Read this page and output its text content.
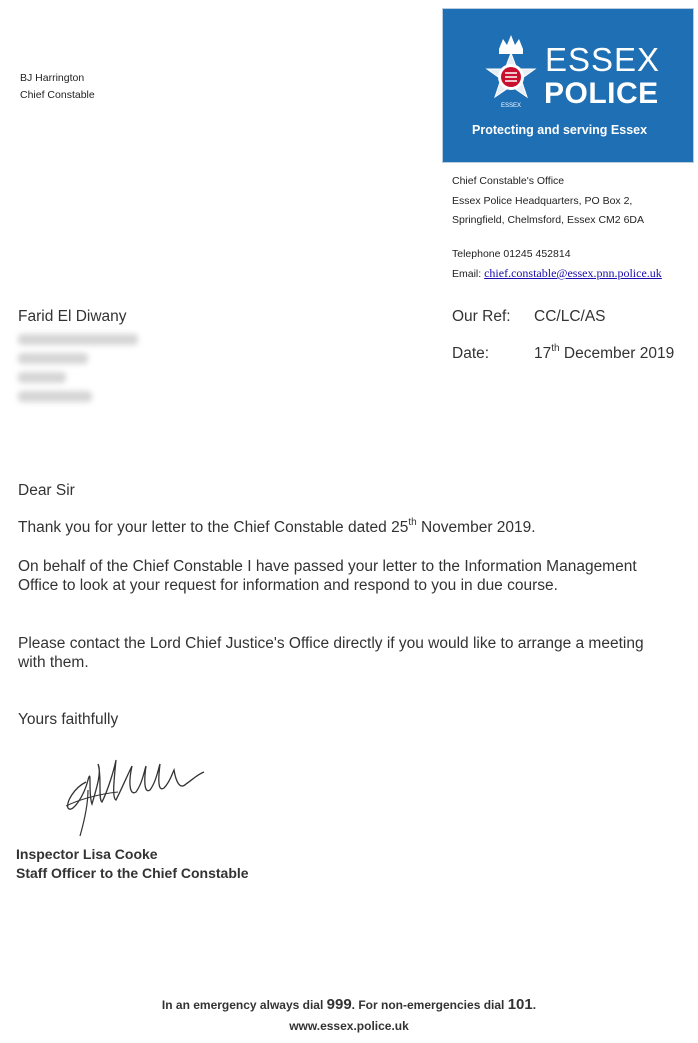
BJ Harrington
Chief Constable
ESSEX
ESSEX
POLICE
Protecting and serving Essex
Chief Constable's Office
Essex Police Headquarters, PO Box 2,
Springfield, Chelmsford, Essex CM2 6DA
Telephone 01245 452814
Email: chief.constable@essex.pnn.police.uk
Farid El Diwany	Our Ref: CC/LC/AS
Date:	17th December 2019
Dear Sir
Thank you for your letter to the Chief Constable dated 25th November 2019.
On behalf of the Chief Constable I have passed your letter to the Information Management Office to look at your request for information and respond to you in due course.
Please contact the Lord Chief Justice's Office directly if you would like to arrange a meeting with them.
Yours faithfully
Inspector Lisa Cooke
Staff Officer to the Chief Constable
In an emergency always dial 999. For non-emergencies dial 101.
www.essex.police.uk
